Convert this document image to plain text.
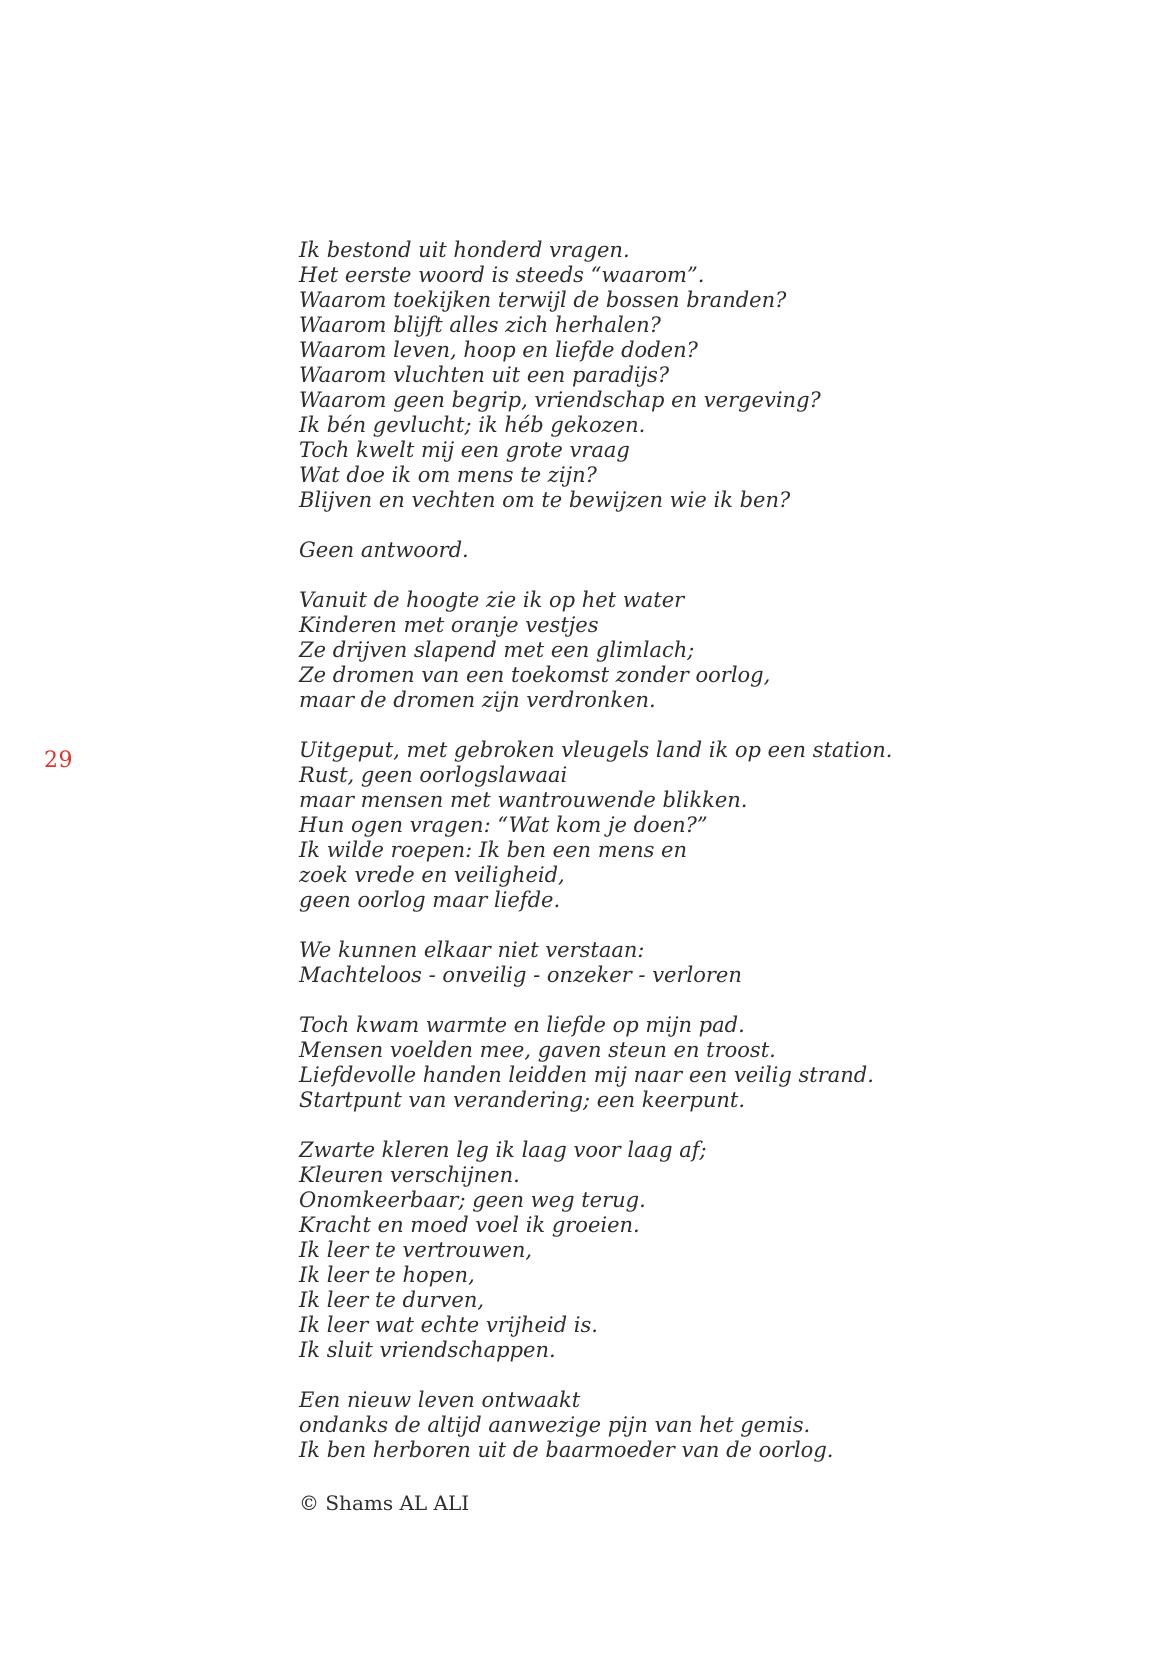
29
Ik bestond uit honderd vragen.
Het eerste woord is steeds “waarom”.
Waarom toekijken terwijl de bossen branden?
Waarom blijft alles zich herhalen?
Waarom leven, hoop en liefde doden?
Waarom vluchten uit een paradijs?
Waarom geen begrip, vriendschap en vergeving?
Ik bén gevlucht; ik héb gekozen.
Toch kwelt mij een grote vraag
Wat doe ik om mens te zijn?
Blijven en vechten om te bewijzen wie ik ben?
Geen antwoord.
Vanuit de hoogte zie ik op het water
Kinderen met oranje vestjes
Ze drijven slapend met een glimlach;
Ze dromen van een toekomst zonder oorlog,
maar de dromen zijn verdronken.
Uitgeput, met gebroken vleugels land ik op een station.
Rust, geen oorlogslawaai
maar mensen met wantrouwende blikken.
Hun ogen vragen: “Wat kom je doen?”
Ik wilde roepen: Ik ben een mens en
zoek vrede en veiligheid,
geen oorlog maar liefde.
We kunnen elkaar niet verstaan:
Machteloos - onveilig - onzeker - verloren
Toch kwam warmte en liefde op mijn pad.
Mensen voelden mee, gaven steun en troost.
Liefdevolle handen leidden mij naar een veilig strand.
Startpunt van verandering; een keerpunt.
Zwarte kleren leg ik laag voor laag af;
Kleuren verschijnen.
Onomkeerbaar; geen weg terug.
Kracht en moed voel ik groeien.
Ik leer te vertrouwen,
Ik leer te hopen,
Ik leer te durven,
Ik leer wat echte vrijheid is.
Ik sluit vriendschappen.
Een nieuw leven ontwaakt
ondanks de altijd aanwezige pijn van het gemis.
Ik ben herboren uit de baarmoeder van de oorlog.
© Shams AL ALI
